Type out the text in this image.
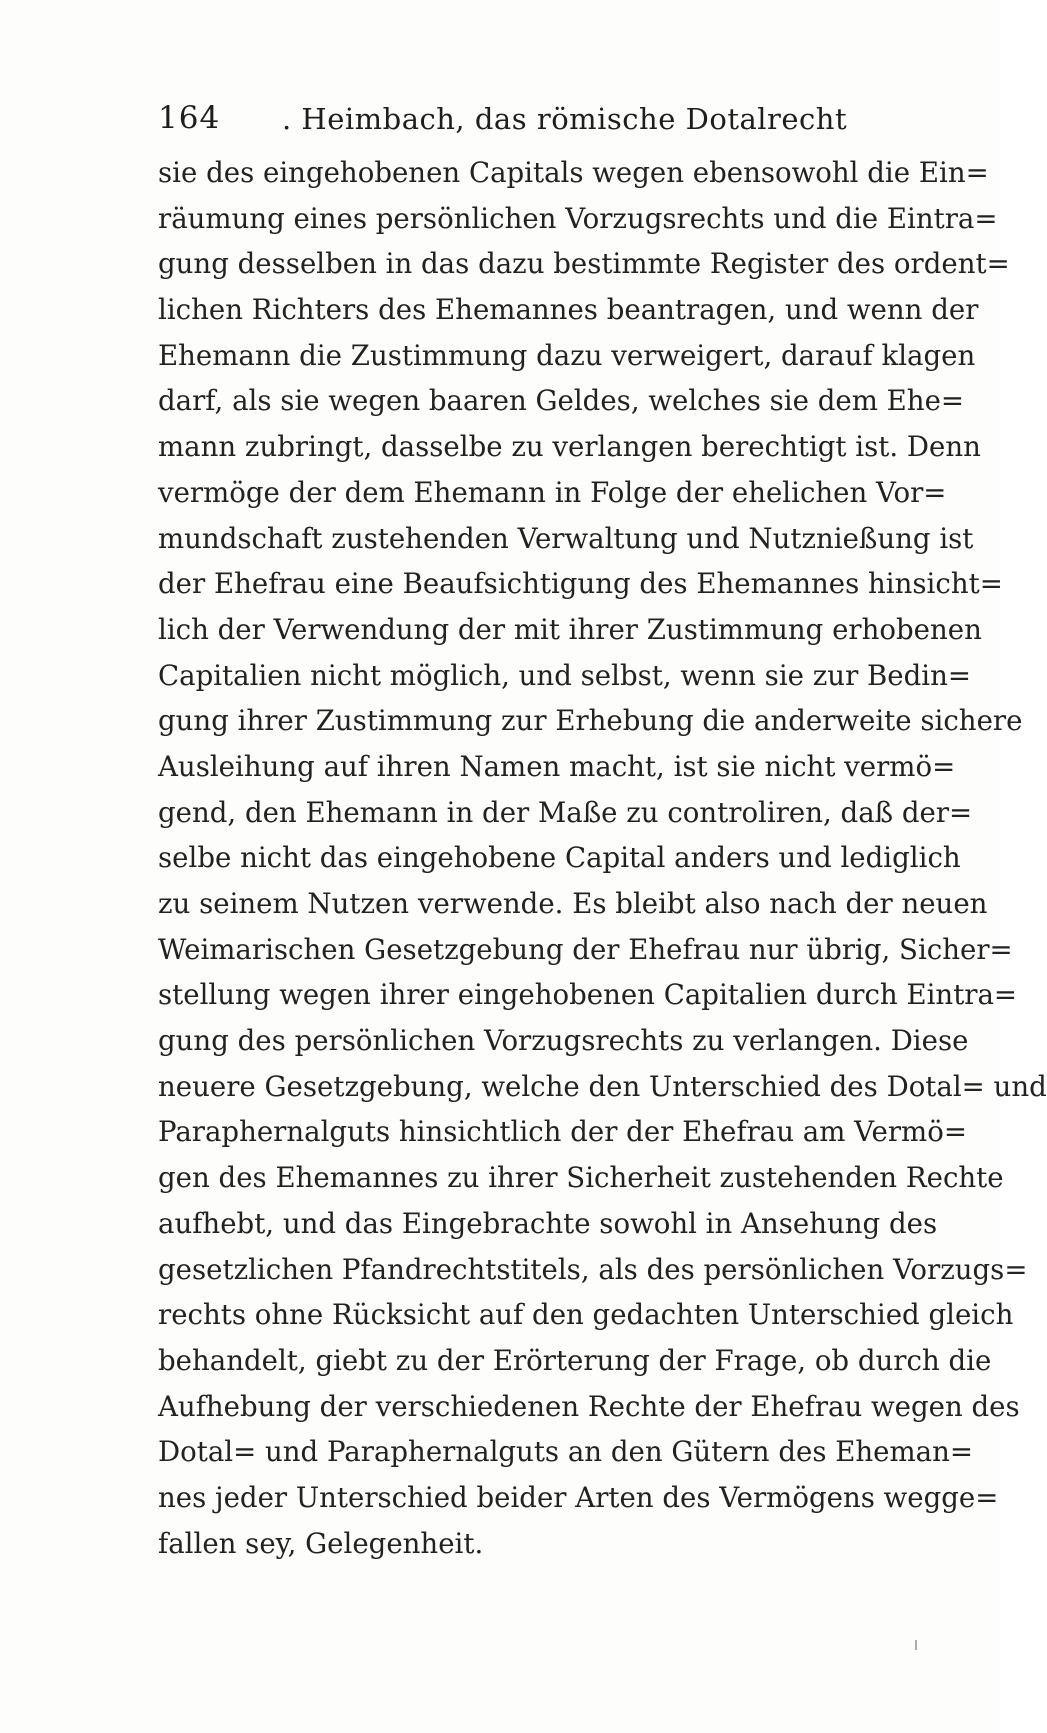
164 . Heimbach, das römische Dotalrecht
sie des eingehobenen Capitals wegen ebensowohl die Ein=
räumung eines persönlichen Vorzugsrechts und die Eintra=
gung desselben in das dazu bestimmte Register des ordent=
lichen Richters des Ehemannes beantragen, und wenn der
Ehemann die Zustimmung dazu verweigert, darauf klagen
darf, als sie wegen baaren Geldes, welches sie dem Ehe=
mann zubringt, dasselbe zu verlangen berechtigt ist. Denn
vermöge der dem Ehemann in Folge der ehelichen Vor=
mundschaft zustehenden Verwaltung und Nutznießung ist
der Ehefrau eine Beaufsichtigung des Ehemannes hinsicht=
lich der Verwendung der mit ihrer Zustimmung erhobenen
Capitalien nicht möglich, und selbst, wenn sie zur Bedin=
gung ihrer Zustimmung zur Erhebung die anderweite sichere
Ausleihung auf ihren Namen macht, ist sie nicht vermö=
gend, den Ehemann in der Maße zu controliren, daß der=
selbe nicht das eingehobene Capital anders und lediglich
zu seinem Nutzen verwende. Es bleibt also nach der neuen
Weimarischen Gesetzgebung der Ehefrau nur übrig, Sicher=
stellung wegen ihrer eingehobenen Capitalien durch Eintra=
gung des persönlichen Vorzugsrechts zu verlangen. Diese
neuere Gesetzgebung, welche den Unterschied des Dotal= und
Paraphernalguts hinsichtlich der der Ehefrau am Vermö=
gen des Ehemannes zu ihrer Sicherheit zustehenden Rechte
aufhebt, und das Eingebrachte sowohl in Ansehung des
gesetzlichen Pfandrechtstitels, als des persönlichen Vorzugs=
rechts ohne Rücksicht auf den gedachten Unterschied gleich
behandelt, giebt zu der Erörterung der Frage, ob durch die
Aufhebung der verschiedenen Rechte der Ehefrau wegen des
Dotal= und Paraphernalguts an den Gütern des Eheman=
nes jeder Unterschied beider Arten des Vermögens wegge=
fallen sey, Gelegenheit.
